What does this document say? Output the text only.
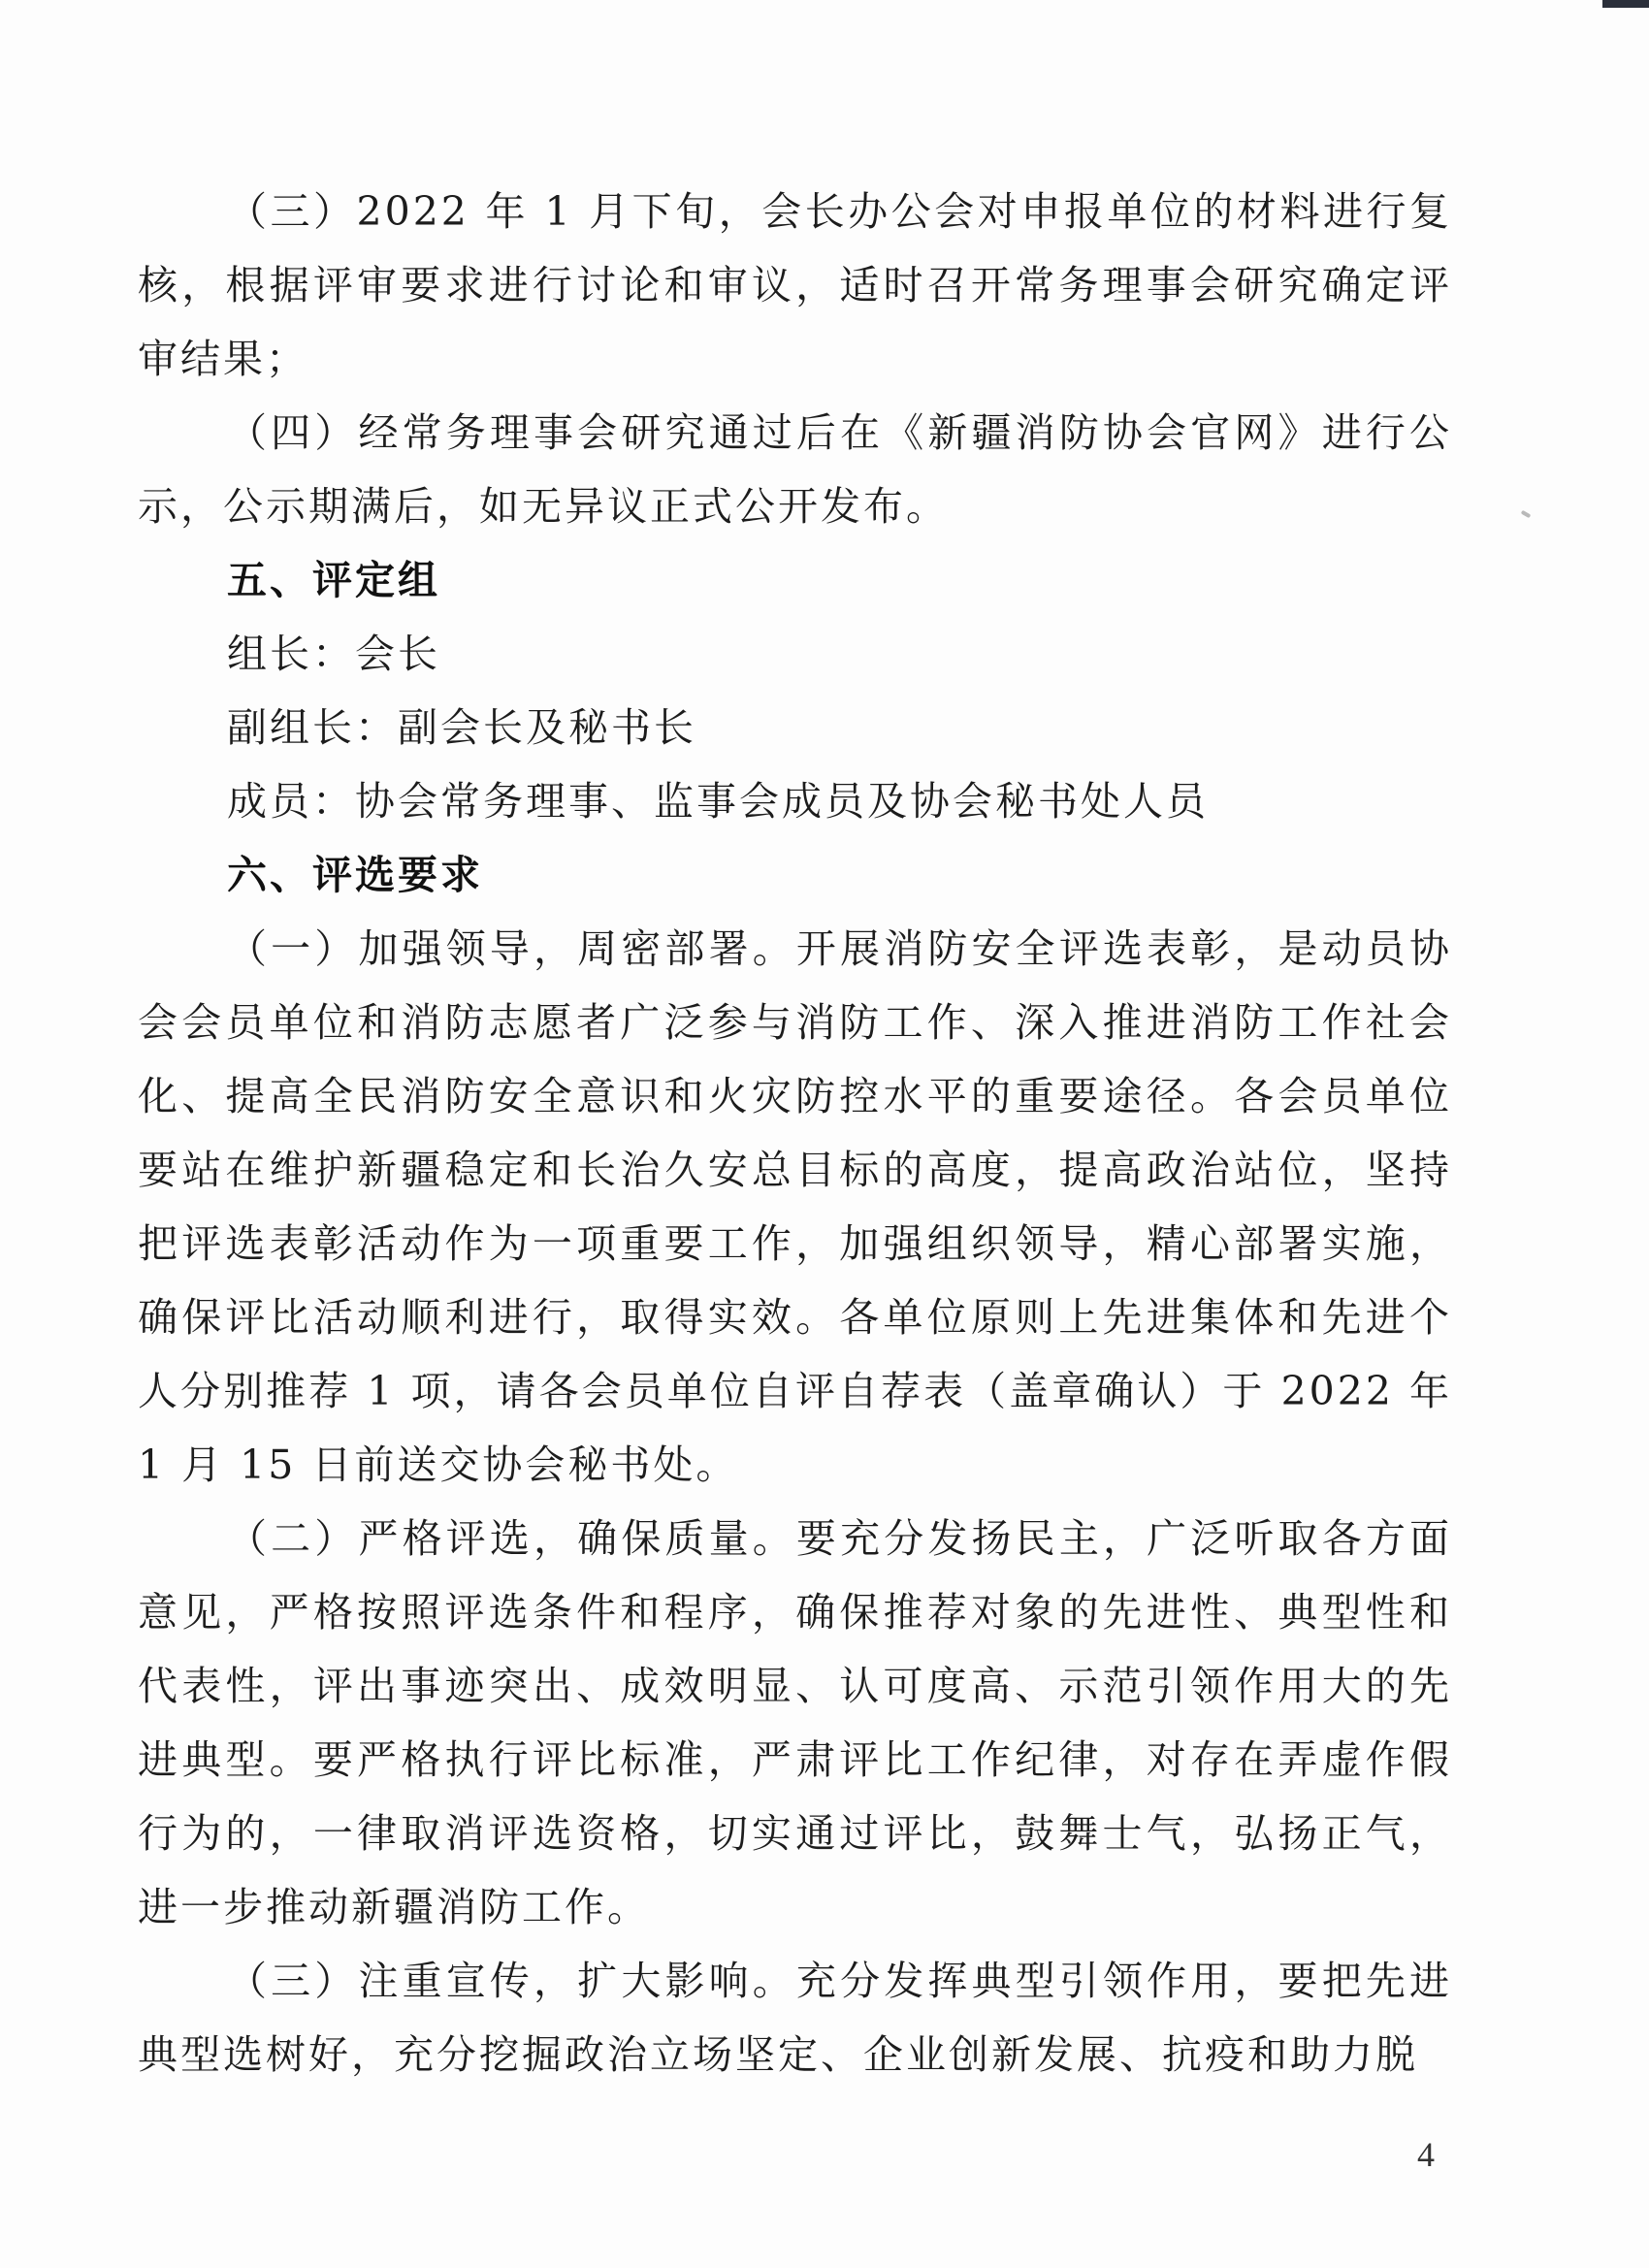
（三）2022 年 1 月下旬，会长办公会对申报单位的材料进行复核，根据评审要求进行讨论和审议，适时召开常务理事会研究确定评审结果；

（四）经常务理事会研究通过后在《新疆消防协会官网》进行公示，公示期满后，如无异议正式公开发布。

五、评定组

组长：会长

副组长：副会长及秘书长

成员：协会常务理事、监事会成员及协会秘书处人员

六、评选要求

（一）加强领导，周密部署。开展消防安全评选表彰，是动员协会会员单位和消防志愿者广泛参与消防工作、深入推进消防工作社会化、提高全民消防安全意识和火灾防控水平的重要途径。各会员单位要站在维护新疆稳定和长治久安总目标的高度，提高政治站位，坚持把评选表彰活动作为一项重要工作，加强组织领导，精心部署实施，确保评比活动顺利进行，取得实效。各单位原则上先进集体和先进个人分别推荐 1 项，请各会员单位自评自荐表（盖章确认）于 2022 年 1 月 15 日前送交协会秘书处。

（二）严格评选，确保质量。要充分发扬民主，广泛听取各方面意见，严格按照评选条件和程序，确保推荐对象的先进性、典型性和代表性，评出事迹突出、成效明显、认可度高、示范引领作用大的先进典型。要严格执行评比标准，严肃评比工作纪律，对存在弄虚作假行为的，一律取消评选资格，切实通过评比，鼓舞士气，弘扬正气，进一步推动新疆消防工作。

（三）注重宣传，扩大影响。充分发挥典型引领作用，要把先进典型选树好，充分挖掘政治立场坚定、企业创新发展、抗疫和助力脱

4
